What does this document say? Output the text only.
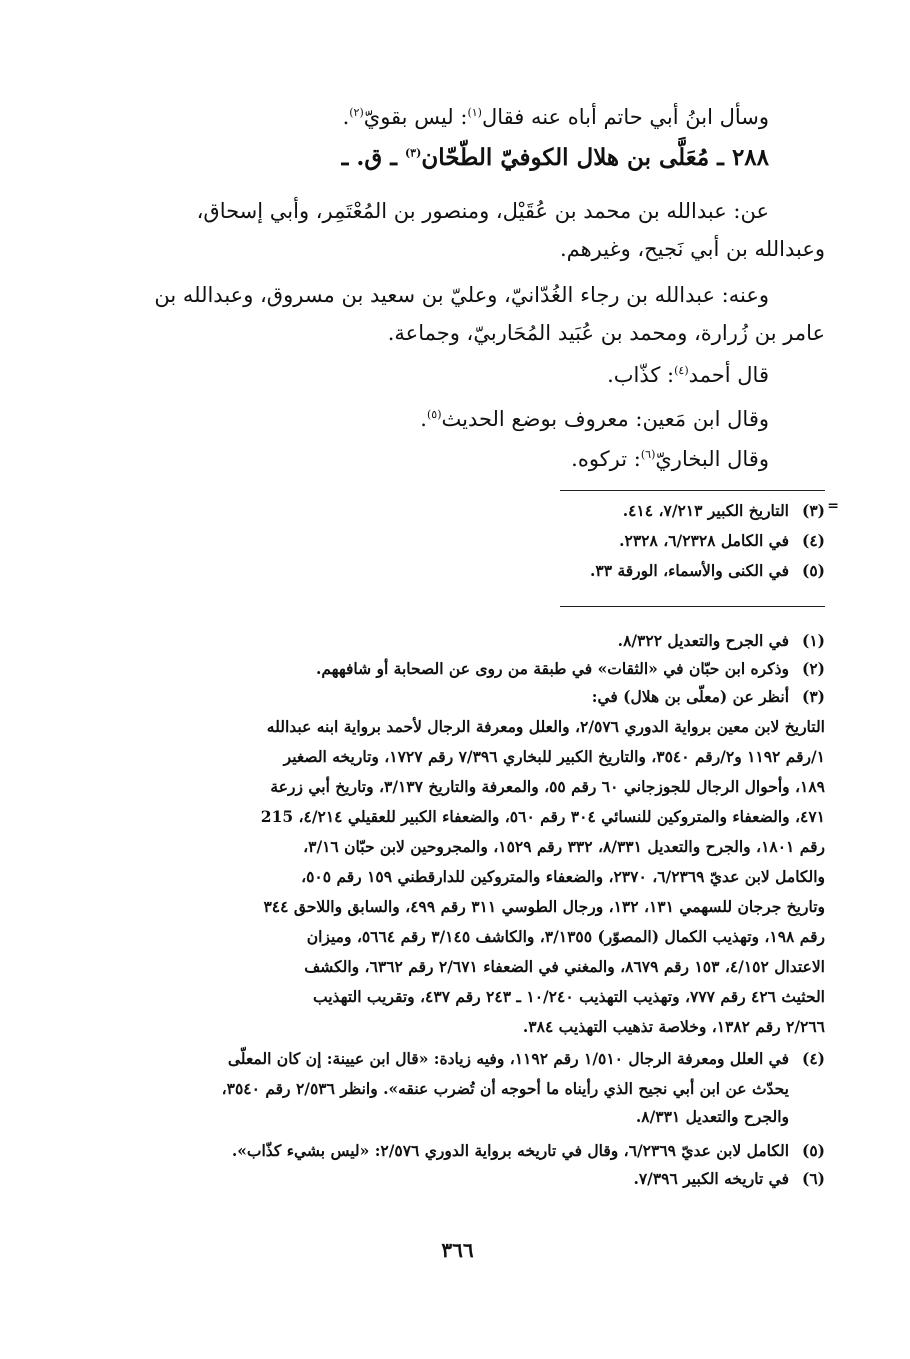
وسأل ابنُ أبي حاتم أباه عنه فقال$^{(١)}$: ليس بقويّ$^{(٢)}$.
٢٨٨ ـ مُعَلَّى بن هلال الكوفيّ الطّحّان$^{(٣)}$ ـ ق. ـ
عن: عبدالله بن محمد بن عُقَيْل، ومنصور بن المُعْتَمِر، وأبي إسحاق،
وعبدالله بن أبي نَجيح، وغيرهم.
وعنه: عبدالله بن رجاء الغُدّانيّ، وعليّ بن سعيد بن مسروق، وعبدالله بن
عامر بن زُرارة، ومحمد بن عُبَيد المُحَاربيّ، وجماعة.
قال أحمد$^{(٤)}$: كذّاب.
وقال ابن مَعين: معروف بوضع الحديث$^{(٥)}$.
وقال البخاريّ$^{(٦)}$: تركوه.
=
(٣)التاريخ الكبير ٧/٢١٣، ٤١٤.
(٤)في الكامل ٦/٢٣٢٨، ٢٣٢٨.
(٥)في الكنى والأسماء، الورقة ٣٣.
(١)في الجرح والتعديل ٨/٣٢٢.
(٢)وذكره ابن حبّان في «الثقات» في طبقة من روى عن الصحابة أو شافههم.
(٣)أنظر عن (معلّى بن هلال) في:
التاريخ لابن معين برواية الدوري ٢/٥٧٦، والعلل ومعرفة الرجال لأحمد برواية ابنه عبدالله
١/رقم ١١٩٢ و٢/رقم ٣٥٤٠، والتاريخ الكبير للبخاري ٧/٣٩٦ رقم ١٧٢٧، وتاريخه الصغير
١٨٩، وأحوال الرجال للجوزجاني ٦٠ رقم ٥٥، والمعرفة والتاريخ ٣/١٣٧، وتاريخ أبي زرعة
٤٧١، والضعفاء والمتروكين للنسائي ٣٠٤ رقم ٥٦٠، والضعفاء الكبير للعقيلي ٤/٢١٤، 215
رقم ١٨٠١، والجرح والتعديل ٨/٣٣١، ٣٣٢ رقم ١٥٢٩، والمجروحين لابن حبّان ٣/١٦،
والكامل لابن عديّ ٦/٢٣٦٩، ٢٣٧٠، والضعفاء والمتروكين للدارقطني ١٥٩ رقم ٥٠٥،
وتاريخ جرجان للسهمي ١٣١، ١٣٢، ورجال الطوسي ٣١١ رقم ٤٩٩، والسابق واللاحق ٣٤٤
رقم ١٩٨، وتهذيب الكمال (المصوّر) ٣/١٣٥٥، والكاشف ٣/١٤٥ رقم ٥٦٦٤، وميزان
الاعتدال ٤/١٥٢، ١٥٣ رقم ٨٦٧٩، والمغني في الضعفاء ٢/٦٧١ رقم ٦٣٦٢، والكشف
الحثيث ٤٢٦ رقم ٧٧٧، وتهذيب التهذيب ١٠/٢٤٠ ـ ٢٤٣ رقم ٤٣٧، وتقريب التهذيب
٢/٢٦٦ رقم ١٣٨٢، وخلاصة تذهيب التهذيب ٣٨٤.
(٤)في العلل ومعرفة الرجال ١/٥١٠ رقم ١١٩٢، وفيه زيادة: «قال ابن عيينة: إن كان المعلّى
يحدّث عن ابن أبي نجيح الذي رأيناه ما أحوجه أن تُضرب عنقه». وانظر ٢/٥٣٦ رقم ٣٥٤٠،
والجرح والتعديل ٨/٣٣١.
(٥)الكامل لابن عديّ ٦/٢٣٦٩، وقال في تاريخه برواية الدوري ٢/٥٧٦: «ليس بشيء كذّاب».
(٦)في تاريخه الكبير ٧/٣٩٦.
٣٦٦
